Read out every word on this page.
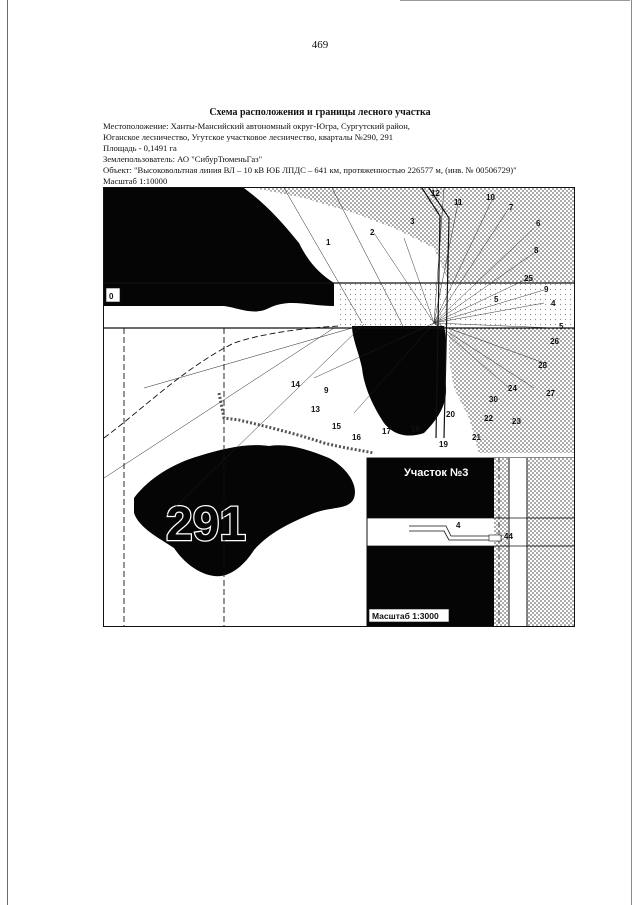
469
Схема расположения и границы лесного участка
Местоположение: Ханты-Мансийский автономный округ-Югра, Сургутский район,
Юганское лесничество, Угутское участковое лесничество, кварталы №290, 291
Площадь - 0,1491 га
Землепользователь: АО "СибурТюменьГаз"
Объект: "Высоковольтная линия ВЛ – 10 кВ ЮБ ЛПДС – 641 км, протяженностью 226577 м, (инв. № 00506729)"
Масштаб 1:10000
0
291
1
2
3
12
11
10
7
6
8
25
9
4
5
5
26
28
27
24
30
22 23
20
21
19
18
17
16
15
13
14
9
Участок №3
4
44
Масштаб 1:3000
